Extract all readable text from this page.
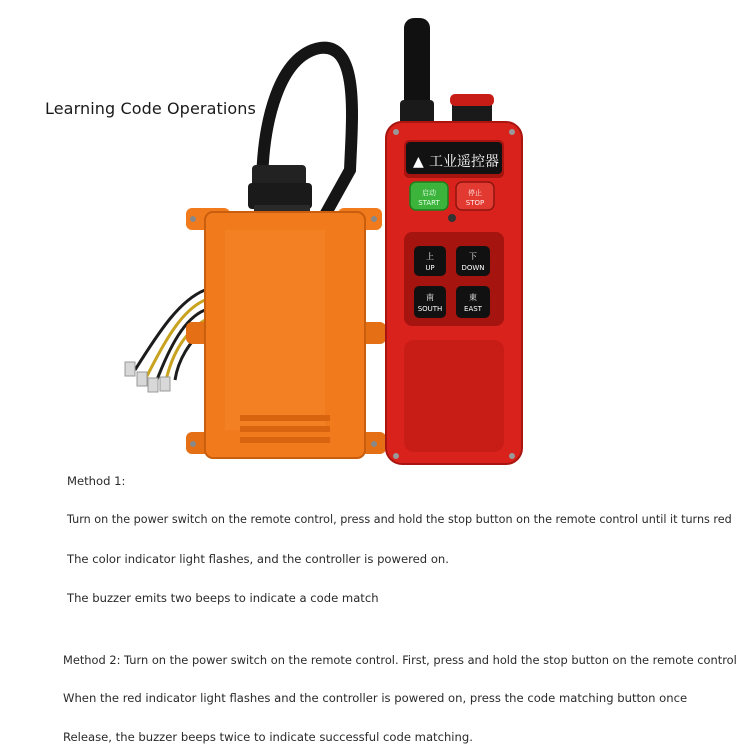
Learning Code Operations
▲ 工业遥控器
启动
START
停止
STOP
上
UP
下
DOWN
南
SOUTH
東
EAST
Method 1:
Turn on the power switch on the remote control, press and hold the stop button on the remote control until it turns red
The color indicator light flashes, and the controller is powered on.
The buzzer emits two beeps to indicate a code match
Method 2: Turn on the power switch on the remote control. First, press and hold the stop button on the remote control
When the red indicator light flashes and the controller is powered on, press the code matching button once
Release, the buzzer beeps twice to indicate successful code matching.
